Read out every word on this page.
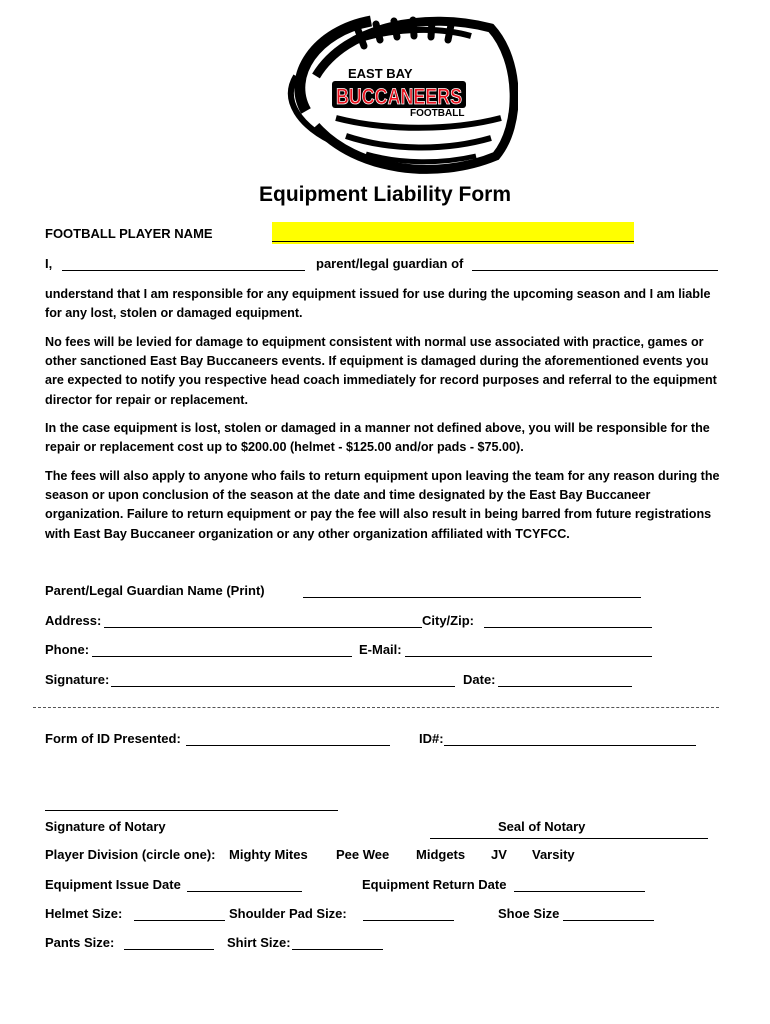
EAST BAY
BUCCANEERS
FOOTBALL
Equipment Liability Form
FOOTBALL PLAYER NAME
I,	parent/legal guardian of

understand that I am responsible for any equipment issued for use during the upcoming season and I am liable for any lost, stolen or damaged equipment.

No fees will be levied for damage to equipment consistent with normal use associated with practice, games or other sanctioned East Bay Buccaneers events. If equipment is damaged during the aforementioned events you are expected to notify you respective head coach immediately for record purposes and referral to the equipment director for repair or replacement.

In the case equipment is lost, stolen or damaged in a manner not defined above, you will be responsible for the repair or replacement cost up to $200.00 (helmet - $125.00 and/or pads - $75.00).

The fees will also apply to anyone who fails to return equipment upon leaving the team for any reason during the season or upon conclusion of the season at the date and time designated by the East Bay Buccaneer organization. Failure to return equipment or pay the fee will also result in being barred from future registrations with East Bay Buccaneer organization or any other organization affiliated with TCYFCC.

Parent/Legal Guardian Name (Print)
Address:	City/Zip:
Phone:	E-Mail:
Signature:	Date:
Form of ID Presented:	ID#:
Signature of Notary	Seal of Notary
Player Division (circle one): Mighty Mites Pee Wee Midgets JV Varsity
Equipment Issue Date	Equipment Return Date
Helmet Size:	Shoulder Pad Size:	Shoe Size
Pants Size:	Shirt Size:
